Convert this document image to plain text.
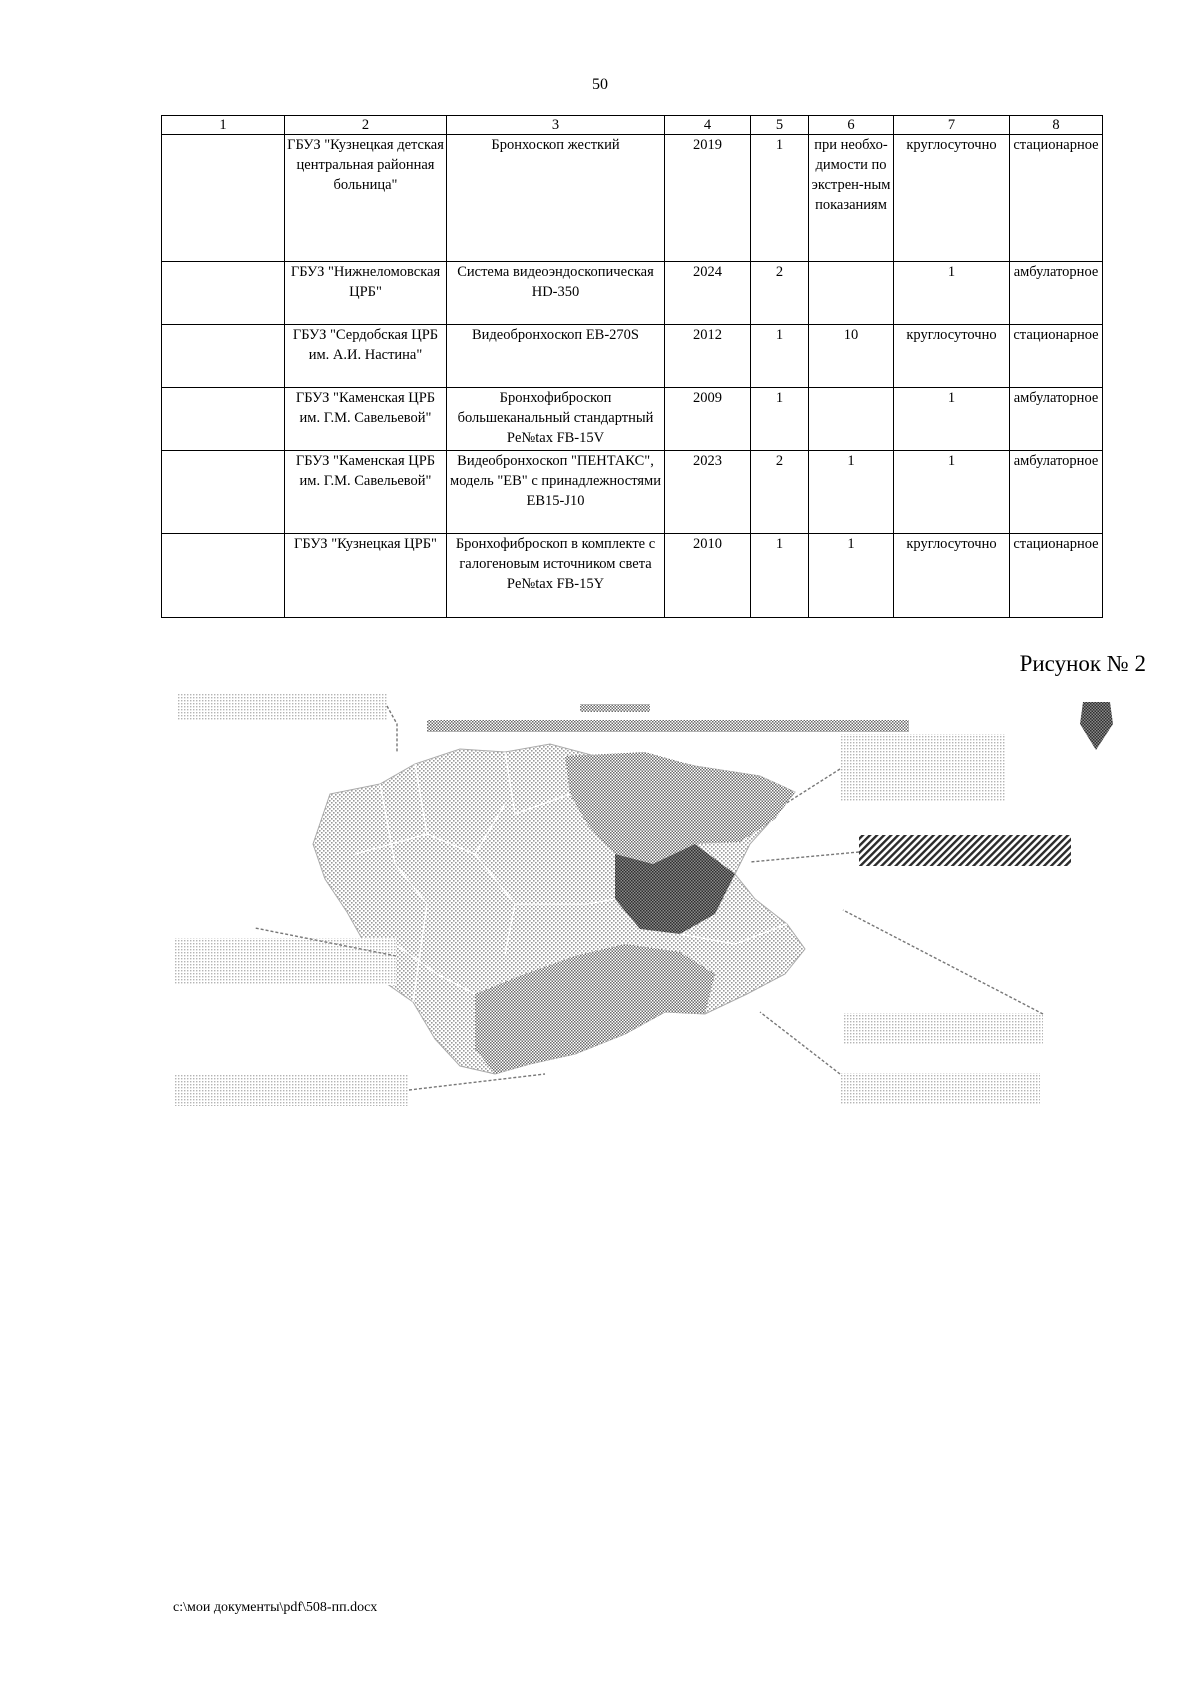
50
1	2	3	4	5	6	7	8
	ГБУЗ "Кузнецкая детская центральная районная больница"	Бронхоскоп жесткий	2019	1	при необхо-димости по экстрен-ным показаниям	круглосуточно	стационарное
	ГБУЗ "Нижнеломовская ЦРБ"	Система видеоэндоскопическая HD-350	2024	2		1	амбулаторное
	ГБУЗ "Сердобская ЦРБ им. А.И. Настина"	Видеобронхоскоп EB-270S	2012	1	10	круглосуточно	стационарное
	ГБУЗ "Каменская ЦРБ им. Г.М. Савельевой"	Бронхофиброскоп большеканальный стандартный Pe№tax FB-15V	2009	1		1	амбулаторное
	ГБУЗ "Каменская ЦРБ им. Г.М. Савельевой"	Видеобронхоскоп "ПЕНТАКС", модель "EB" с принадлежностями EB15-J10	2023	2	1	1	амбулаторное
	ГБУЗ "Кузнецкая ЦРБ"	Бронхофиброскоп в комплекте с галогеновым источником света Pe№tax FB-15Y	2010	1	1	круглосуточно	стационарное
Рисунок № 2
c:\мои документы\pdf\508-пп.docx
